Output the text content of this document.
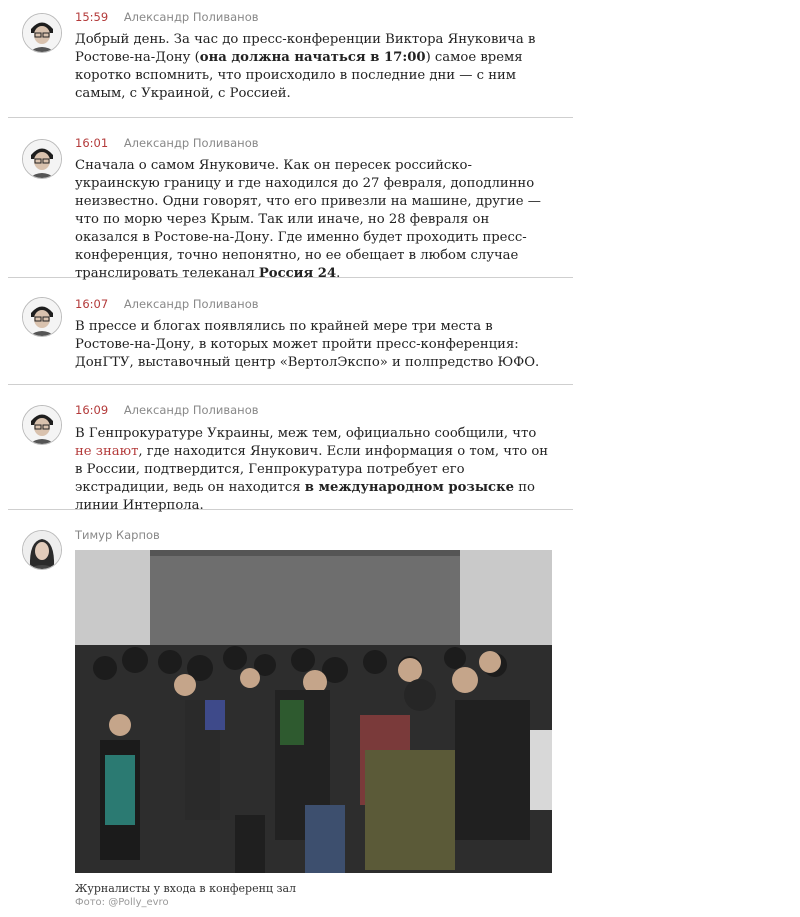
15:59 Александр Поливанов
Добрый день. За час до пресс-конференции Виктора Януковича в Ростове-на-Дону (она должна начаться в 17:00) самое время коротко вспомнить, что происходило в последние дни — с ним самым, с Украиной, с Россией.
16:01 Александр Поливанов
Сначала о самом Януковиче. Как он пересек российско-украинскую границу и где находился до 27 февраля, доподлинно неизвестно. Одни говорят, что его привезли на машине, другие — что по морю через Крым. Так или иначе, но 28 февраля он оказался в Ростове-на-Дону. Где именно будет проходить пресс-конференция, точно непонятно, но ее обещает в любом случае транслировать телеканал Россия 24.
16:07 Александр Поливанов
В прессе и блогах появлялись по крайней мере три места в Ростове-на-Дону, в которых может пройти пресс-конференция: ДонГТУ, выставочный центр «ВертолЭкспо» и полпредство ЮФО.
16:09 Александр Поливанов
В Генпрокуратуре Украины, меж тем, официально сообщили, что не знают, где находится Янукович. Если информация о том, что он в России, подтвердится, Генпрокуратура потребует его экстрадиции, ведь он находится в международном розыске по линии Интерпола.
Тимур Карпов
Журналисты у входа в конференц зал
Фото: @Polly_evro
